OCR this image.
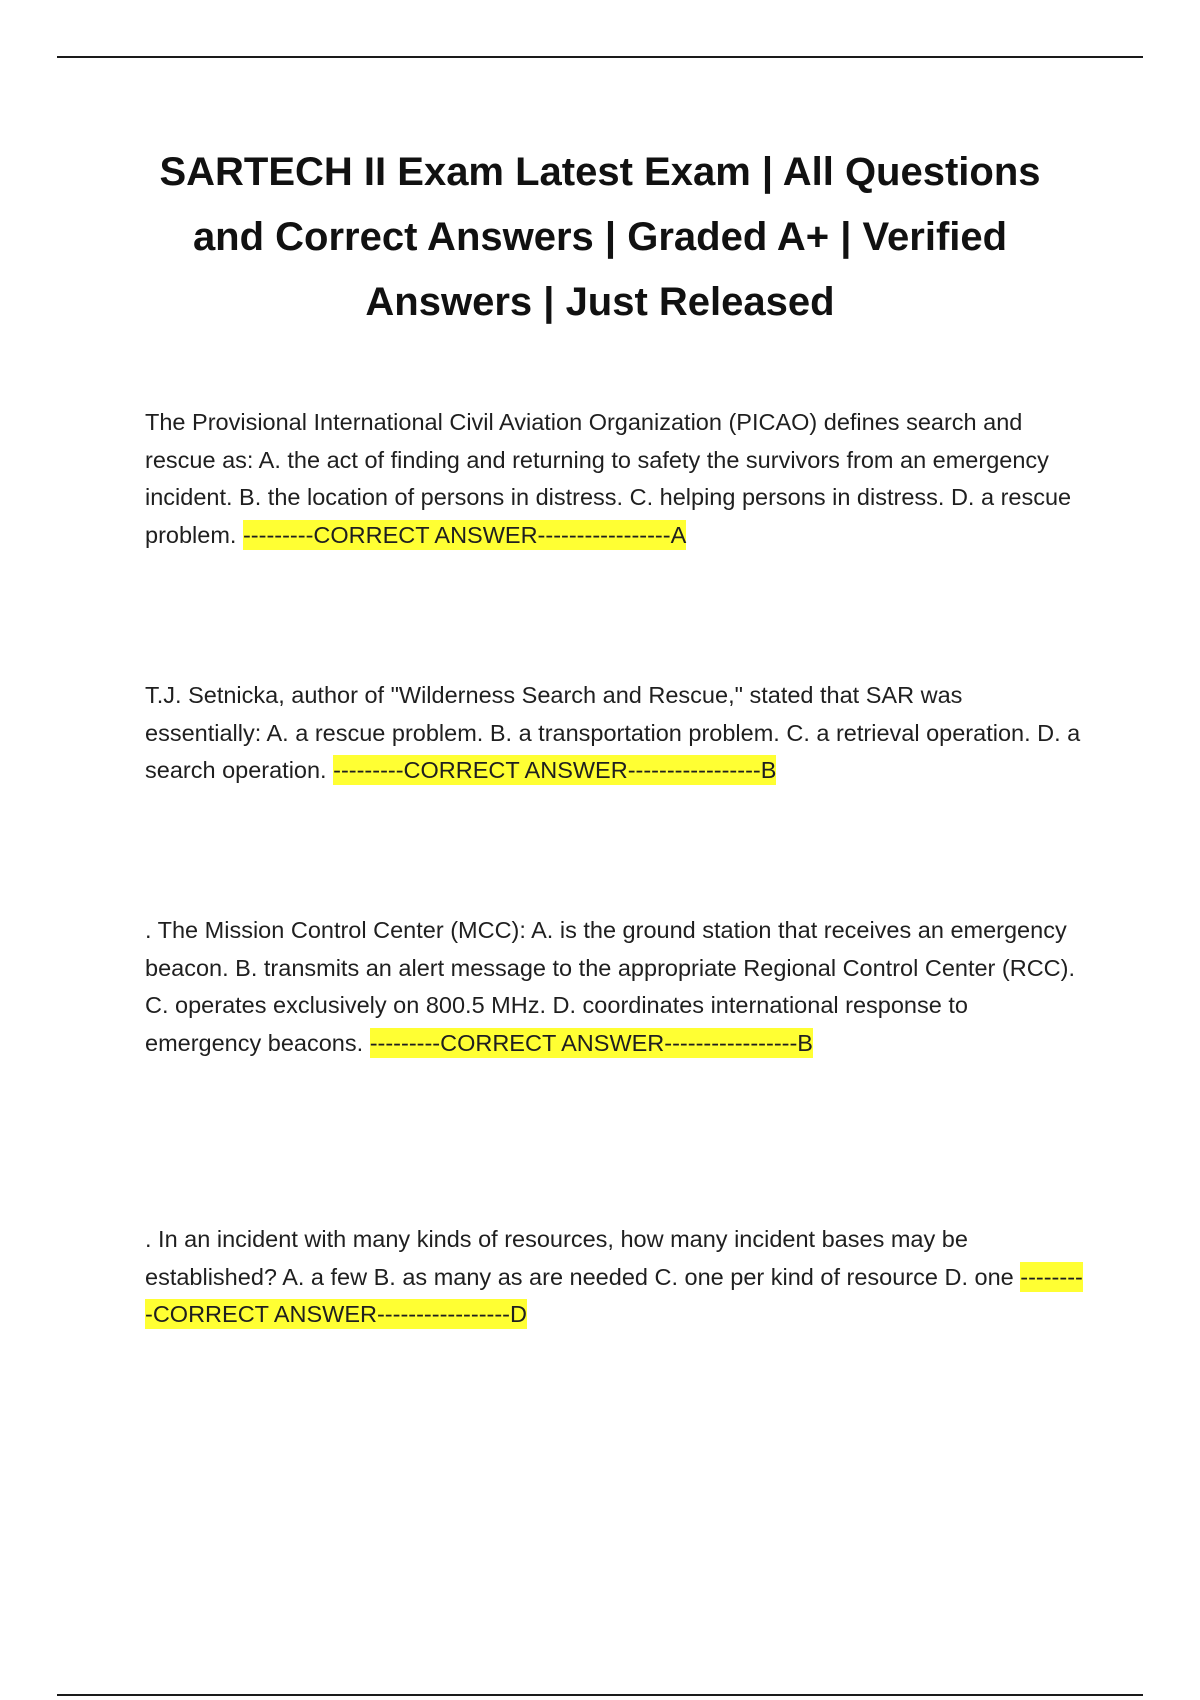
SARTECH II Exam Latest Exam | All Questions and Correct Answers | Graded A+ | Verified Answers | Just Released

The Provisional International Civil Aviation Organization (PICAO) defines search and rescue as: A. the act of finding and returning to safety the survivors from an emergency incident. B. the location of persons in distress. C. helping persons in distress. D. a rescue problem. ---------CORRECT ANSWER-----------------A

T.J. Setnicka, author of "Wilderness Search and Rescue," stated that SAR was essentially: A. a rescue problem. B. a transportation problem. C. a retrieval operation. D. a search operation. ---------CORRECT ANSWER-----------------B

. The Mission Control Center (MCC): A. is the ground station that receives an emergency beacon. B. transmits an alert message to the appropriate Regional Control Center (RCC). C. operates exclusively on 800.5 MHz. D. coordinates international response to emergency beacons. ---------CORRECT ANSWER-----------------B

. In an incident with many kinds of resources, how many incident bases may be established? A. a few B. as many as are needed C. one per kind of resource D. one ---------CORRECT ANSWER-----------------D
